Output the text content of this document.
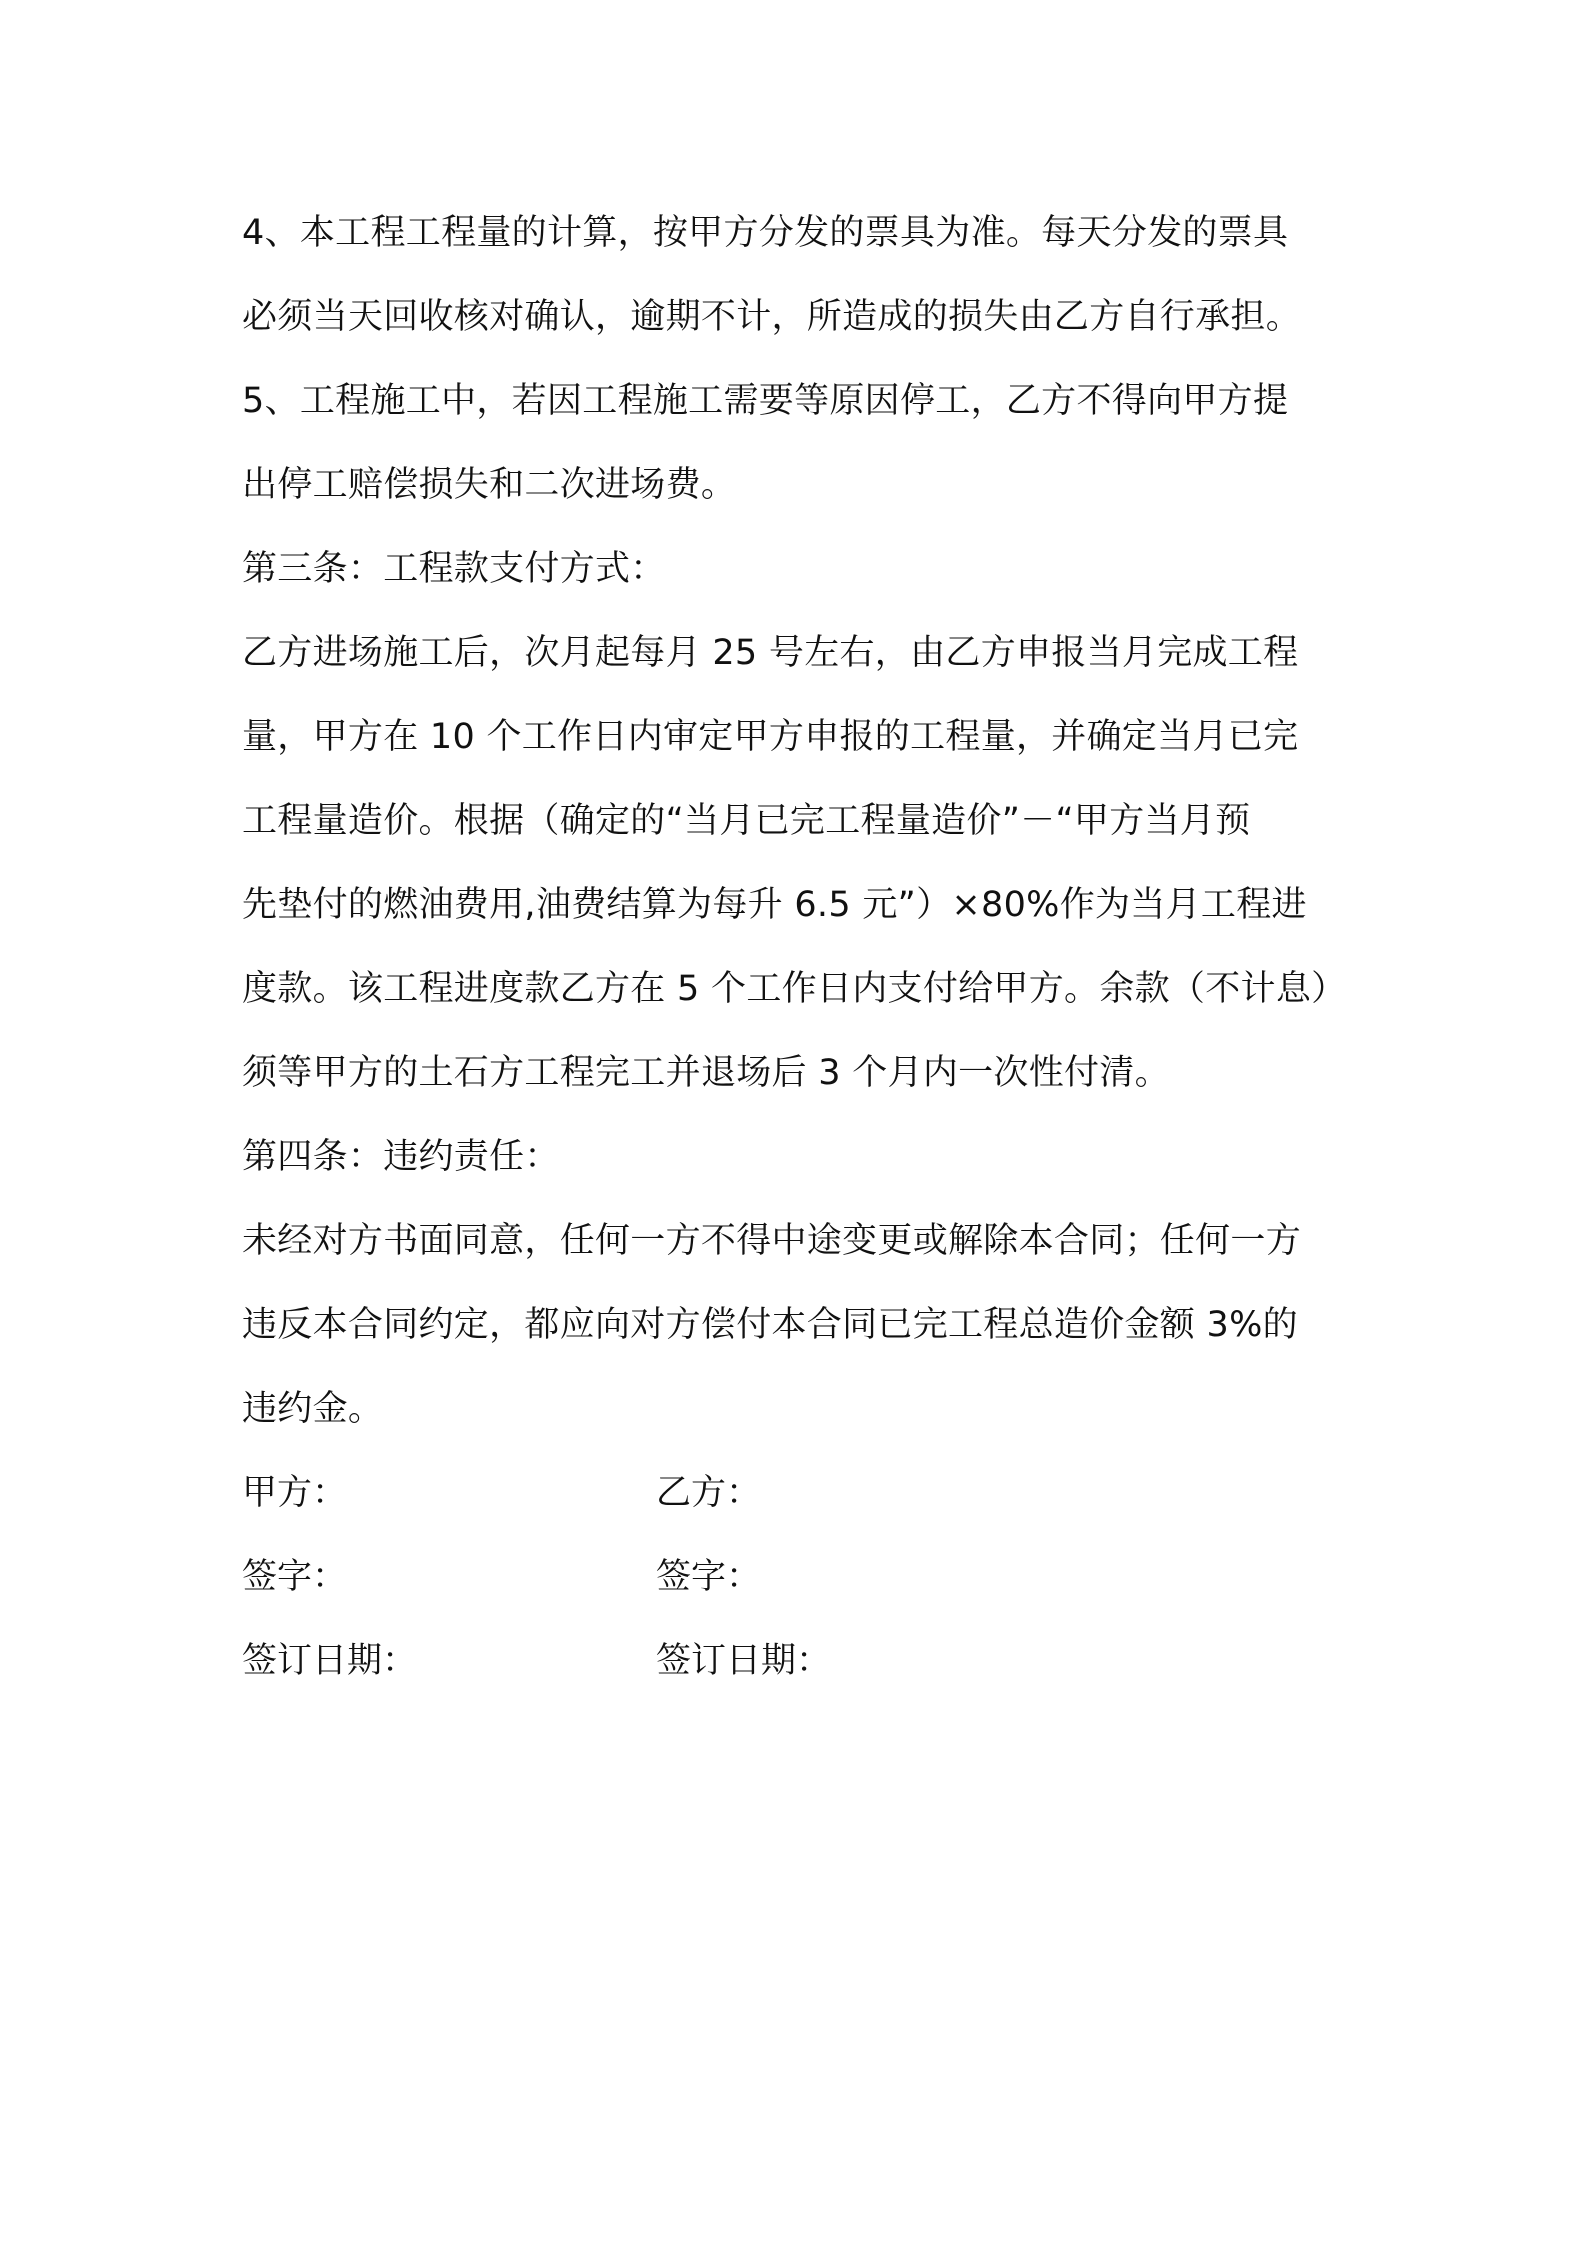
4、本工程工程量的计算，按甲方分发的票具为准。每天分发的票具
必须当天回收核对确认，逾期不计，所造成的损失由乙方自行承担。
5、工程施工中，若因工程施工需要等原因停工，乙方不得向甲方提
出停工赔偿损失和二次进场费。
第三条：工程款支付方式：
乙方进场施工后，次月起每月 25 号左右，由乙方申报当月完成工程
量，甲方在 10 个工作日内审定甲方申报的工程量，并确定当月已完
工程量造价。根据（确定的“当月已完工程量造价”－“甲方当月预
先垫付的燃油费用,油费结算为每升 6.5 元”）×80%作为当月工程进
度款。该工程进度款乙方在 5 个工作日内支付给甲方。余款（不计息）
须等甲方的土石方工程完工并退场后 3 个月内一次性付清。
第四条：违约责任：
未经对方书面同意，任何一方不得中途变更或解除本合同；任何一方
违反本合同约定，都应向对方偿付本合同已完工程总造价金额 3%的
违约金。
甲方：	乙方：
签字：	签字：
签订日期：	签订日期：
